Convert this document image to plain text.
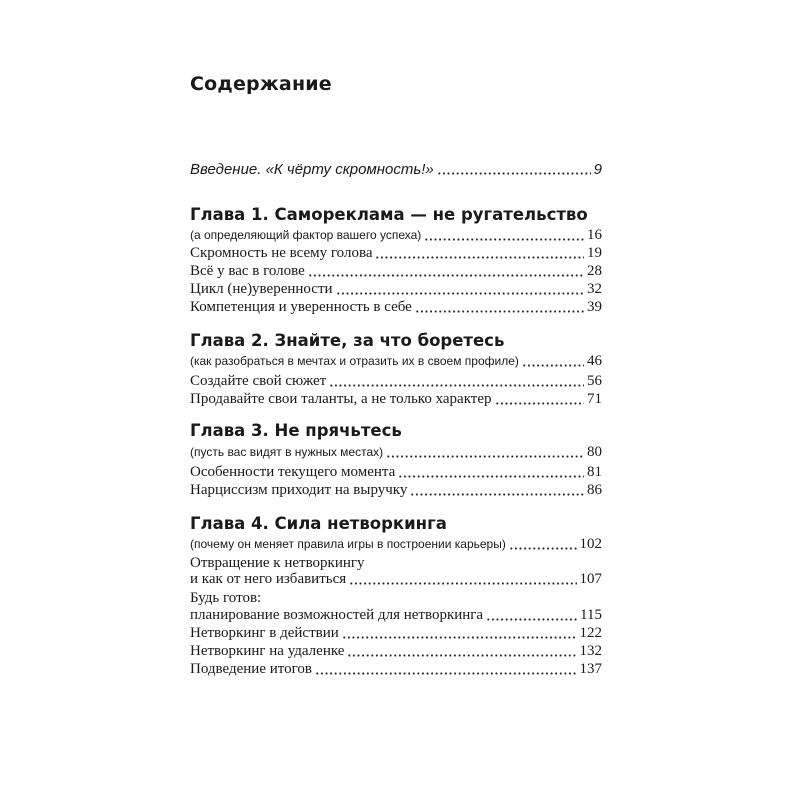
Содержание
Введение. «К чёрту скромность!»	9
Глава 1. Самореклама — не ругательство
(а определяющий фактор вашего успеха)	16
Скромность не всему голова	19
Всё у вас в голове	28
Цикл (не)уверенности	32
Компетенция и уверенность в себе	39
Глава 2. Знайте, за что боретесь
(как разобраться в мечтах и отразить их в своем профиле)	46
Создайте свой сюжет	56
Продавайте свои таланты, а не только характер	71
Глава 3. Не прячьтесь
(пусть вас видят в нужных местах)	80
Особенности текущего момента	81
Нарциссизм приходит на выручку	86
Глава 4. Сила нетворкинга
(почему он меняет правила игры в построении карьеры)	102
Отвращение к нетворкингу
и как от него избавиться	107
Будь готов:
планирование возможностей для нетворкинга	115
Нетворкинг в действии	122
Нетворкинг на удаленке	132
Подведение итогов	137
